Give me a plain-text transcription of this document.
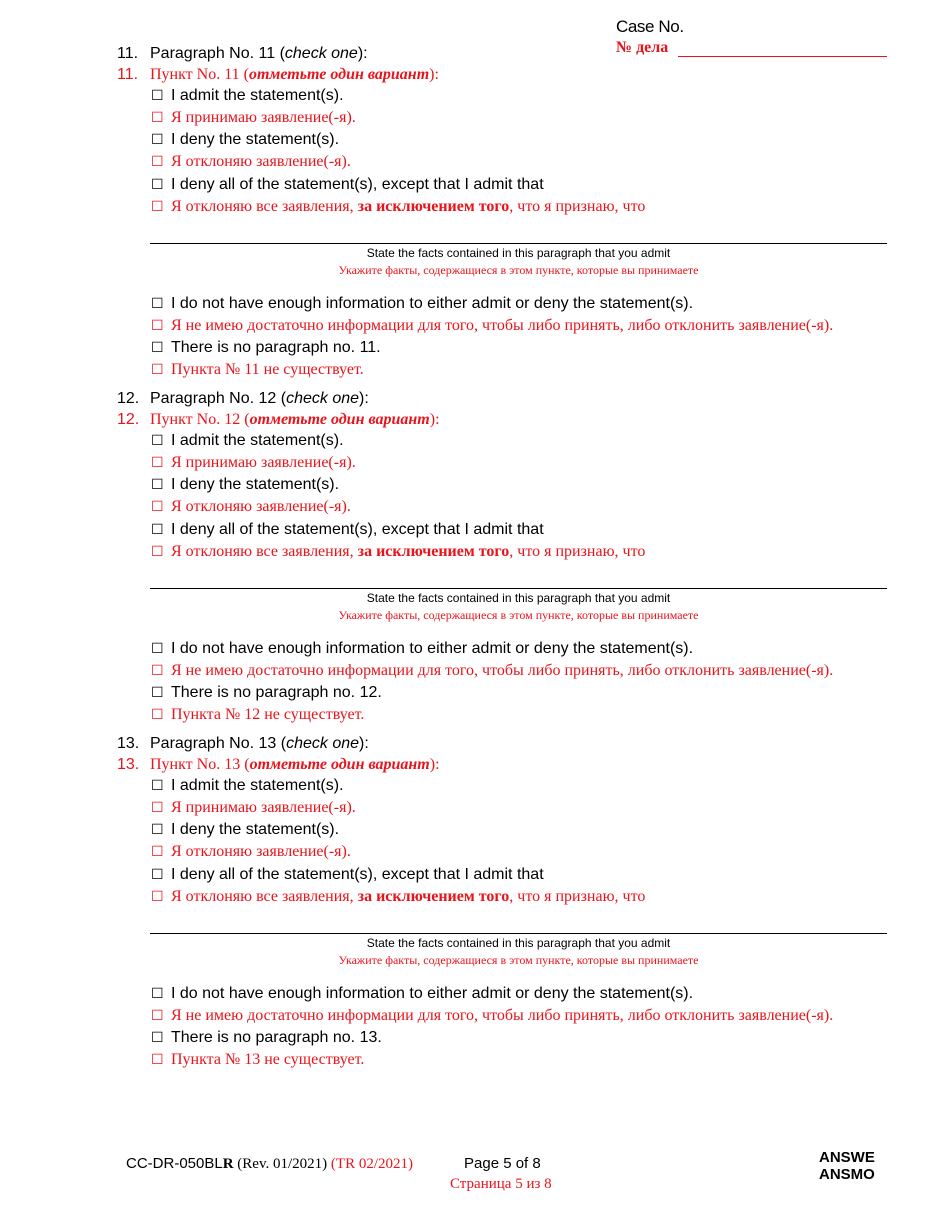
Case No.
№ дела
11. Paragraph No. 11 (check one):
11. Пункт No. 11 (отметьте один вариант):
☐ I admit the statement(s).
☐ Я принимаю заявление(-я).
☐ I deny the statement(s).
☐ Я отклоняю заявление(-я).
☐ I deny all of the statement(s), except that I admit that
☐ Я отклоняю все заявления, за исключением того, что я признаю, что
State the facts contained in this paragraph that you admit
Укажите факты, содержащиеся в этом пункте, которые вы принимаете
☐ I do not have enough information to either admit or deny the statement(s).
☐ Я не имею достаточно информации для того, чтобы либо принять, либо отклонить заявление(-я).
☐ There is no paragraph no. 11.
☐ Пункта № 11 не существует.
12. Paragraph No. 12 (check one):
12. Пункт No. 12 (отметьте один вариант):
☐ I admit the statement(s).
☐ Я принимаю заявление(-я).
☐ I deny the statement(s).
☐ Я отклоняю заявление(-я).
☐ I deny all of the statement(s), except that I admit that
☐ Я отклоняю все заявления, за исключением того, что я признаю, что
State the facts contained in this paragraph that you admit
Укажите факты, содержащиеся в этом пункте, которые вы принимаете
☐ I do not have enough information to either admit or deny the statement(s).
☐ Я не имею достаточно информации для того, чтобы либо принять, либо отклонить заявление(-я).
☐ There is no paragraph no. 12.
☐ Пункта № 12 не существует.
13. Paragraph No. 13 (check one):
13. Пункт No. 13 (отметьте один вариант):
☐ I admit the statement(s).
☐ Я принимаю заявление(-я).
☐ I deny the statement(s).
☐ Я отклоняю заявление(-я).
☐ I deny all of the statement(s), except that I admit that
☐ Я отклоняю все заявления, за исключением того, что я признаю, что
State the facts contained in this paragraph that you admit
Укажите факты, содержащиеся в этом пункте, которые вы принимаете
☐ I do not have enough information to either admit or deny the statement(s).
☐ Я не имею достаточно информации для того, чтобы либо принять, либо отклонить заявление(-я).
☐ There is no paragraph no. 13.
☐ Пункта № 13 не существует.
CC-DR-050BLR (Rev. 01/2021) (TR 02/2021)	Page 5 of 8
Страница 5 из 8
ANSWE
ANSMO
